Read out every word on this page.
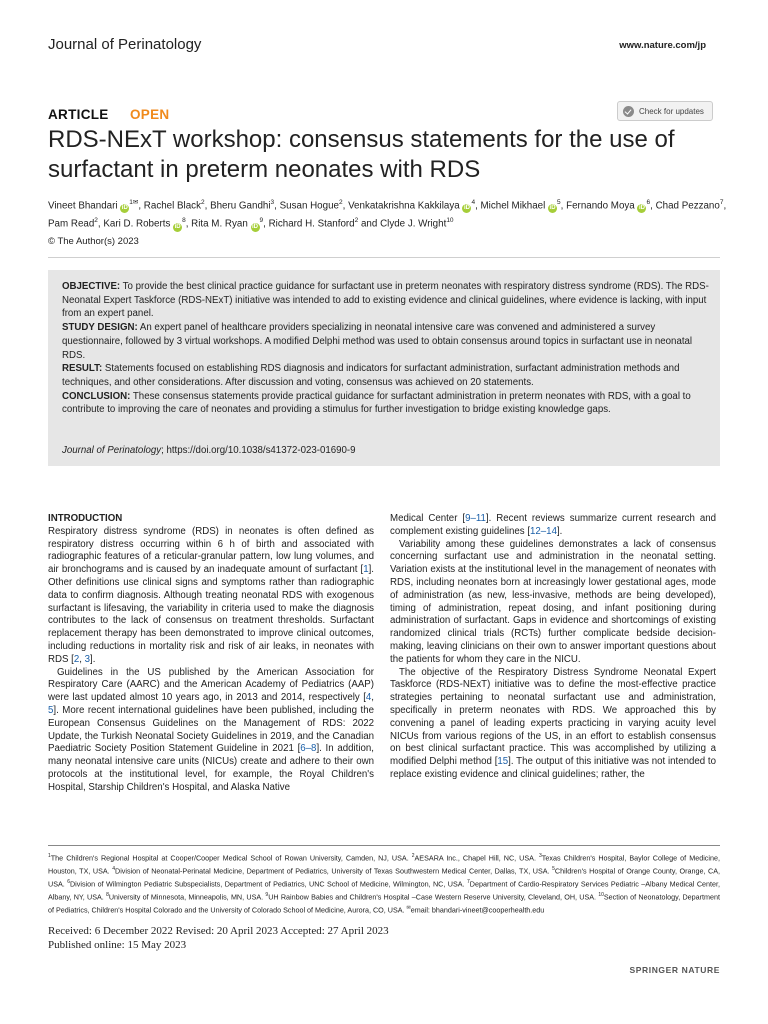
Journal of Perinatology	www.nature.com/jp
ARTICLE OPEN	Check for updates
RDS-NExT workshop: consensus statements for the use of surfactant in preterm neonates with RDS
Vineet Bhandari $iD^{1✉}$, Rachel Black$^2$, Bheru Gandhi$^3$, Susan Hogue$^2$, Venkatakrishna Kakkilaya $iD^4$, Michel Mikhael $iD^5$, Fernando Moya $iD^6$, Chad Pezzano$^7$, Pam Read$^2$, Kari D. Roberts $iD^8$, Rita M. Ryan $iD^9$, Richard H. Stanford$^2$ and Clyde J. Wright$^{10}$
© The Author(s) 2023
OBJECTIVE: To provide the best clinical practice guidance for surfactant use in preterm neonates with respiratory distress syndrome (RDS). The RDS-Neonatal Expert Taskforce (RDS-NExT) initiative was intended to add to existing evidence and clinical guidelines, where evidence is lacking, with input from an expert panel.
STUDY DESIGN: An expert panel of healthcare providers specializing in neonatal intensive care was convened and administered a survey questionnaire, followed by 3 virtual workshops. A modified Delphi method was used to obtain consensus around topics in surfactant use in neonatal RDS.
RESULT: Statements focused on establishing RDS diagnosis and indicators for surfactant administration, surfactant administration methods and techniques, and other considerations. After discussion and voting, consensus was achieved on 20 statements.
CONCLUSION: These consensus statements provide practical guidance for surfactant administration in preterm neonates with RDS, with a goal to contribute to improving the care of neonates and providing a stimulus for further investigation to bridge existing knowledge gaps.
Journal of Perinatology; https://doi.org/10.1038/s41372-023-01690-9
INTRODUCTION

Respiratory distress syndrome (RDS) in neonates is often defined as respiratory distress occurring within 6 h of birth and associated with radiographic features of a reticular-granular pattern, low lung volumes, and air bronchograms and is caused by an inadequate amount of surfactant [1]. Other definitions use clinical signs and symptoms rather than radiographic data to confirm diagnosis. Although treating neonatal RDS with exogenous surfactant is lifesaving, the variability in criteria used to make the diagnosis contributes to the lack of consensus on treatment thresholds. Surfactant replacement therapy has been demonstrated to improve clinical outcomes, including reductions in mortality risk and risk of air leaks, in neonates with RDS [2, 3].

Guidelines in the US published by the American Association for Respiratory Care (AARC) and the American Academy of Pediatrics (AAP) were last updated almost 10 years ago, in 2013 and 2014, respectively [4, 5]. More recent international guidelines have been published, including the European Consensus Guidelines on the Management of RDS: 2022 Update, the Turkish Neonatal Society Guidelines in 2019, and the Canadian Paediatric Society Position Statement Guideline in 2021 [6–8]. In addition, many neonatal intensive care units (NICUs) create and adhere to their own protocols at the institutional level, for example, the Royal Children's Hospital, Starship Children's Hospital, and Alaska Native

Medical Center [9–11]. Recent reviews summarize current research and complement existing guidelines [12–14].

Variability among these guidelines demonstrates a lack of consensus concerning surfactant use and administration in the neonatal setting. Variation exists at the institutional level in the management of neonates with RDS, including neonates born at increasingly lower gestational ages, mode of administration (as new, less-invasive, methods are being developed), timing of administration, repeat dosing, and infant positioning during administration of surfactant. Gaps in evidence and shortcomings of existing randomized clinical trials (RCTs) further complicate bedside decision-making, leaving clinicians on their own to answer important questions about the patients for whom they care in the NICU.

The objective of the Respiratory Distress Syndrome Neonatal Expert Taskforce (RDS-NExT) initiative was to define the most-effective practice strategies pertaining to neonatal surfactant use and administration, specifically in preterm neonates with RDS. We approached this by convening a panel of leading experts practicing in varying acuity level NICUs from various regions of the US, in an effort to establish consensus on best clinical surfactant practice. This was accomplished by utilizing a modified Delphi method [15]. The output of this initiative was not intended to replace existing evidence and clinical guidelines; rather, the

$^1$The Children's Regional Hospital at Cooper/Cooper Medical School of Rowan University, Camden, NJ, USA. $^2$AESARA Inc., Chapel Hill, NC, USA. $^3$Texas Children's Hospital, Baylor College of Medicine, Houston, TX, USA. $^4$Division of Neonatal-Perinatal Medicine, Department of Pediatrics, University of Texas Southwestern Medical Center, Dallas, TX, USA. $^5$Children's Hospital of Orange County, Orange, CA, USA. $^6$Division of Wilmington Pediatric Subspecialists, Department of Pediatrics, UNC School of Medicine, Wilmington, NC, USA. $^7$Department of Cardio-Respiratory Services Pediatric –Albany Medical Center, Albany, NY, USA. $^8$University of Minnesota, Minneapolis, MN, USA. $^9$UH Rainbow Babies and Children's Hospital –Case Western Reserve University, Cleveland, OH, USA. $^{10}$Section of Neonatology, Department of Pediatrics, Children's Hospital Colorado and the University of Colorado School of Medicine, Aurora, CO, USA. ✉email: bhandari-vineet@cooperhealth.edu
Received: 6 December 2022 Revised: 20 April 2023 Accepted: 27 April 2023
Published online: 15 May 2023
SPRINGER NATURE
